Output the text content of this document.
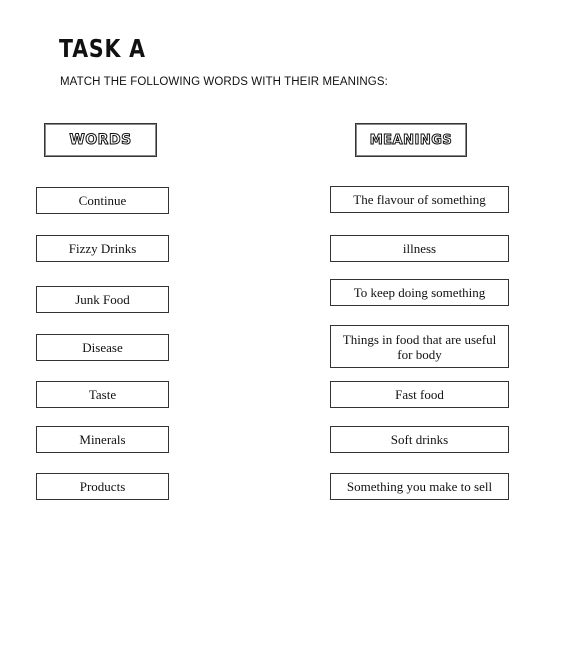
TASK A

MATCH THE FOLLOWING WORDS WITH THEIR MEANINGS:

WORDS	MEANINGS
Continue
Fizzy Drinks
Junk Food
Disease
Taste
Minerals
Products
The flavour of something
illness
To keep doing something
Things in food that are useful for body
Fast food
Soft drinks
Something you make to sell
